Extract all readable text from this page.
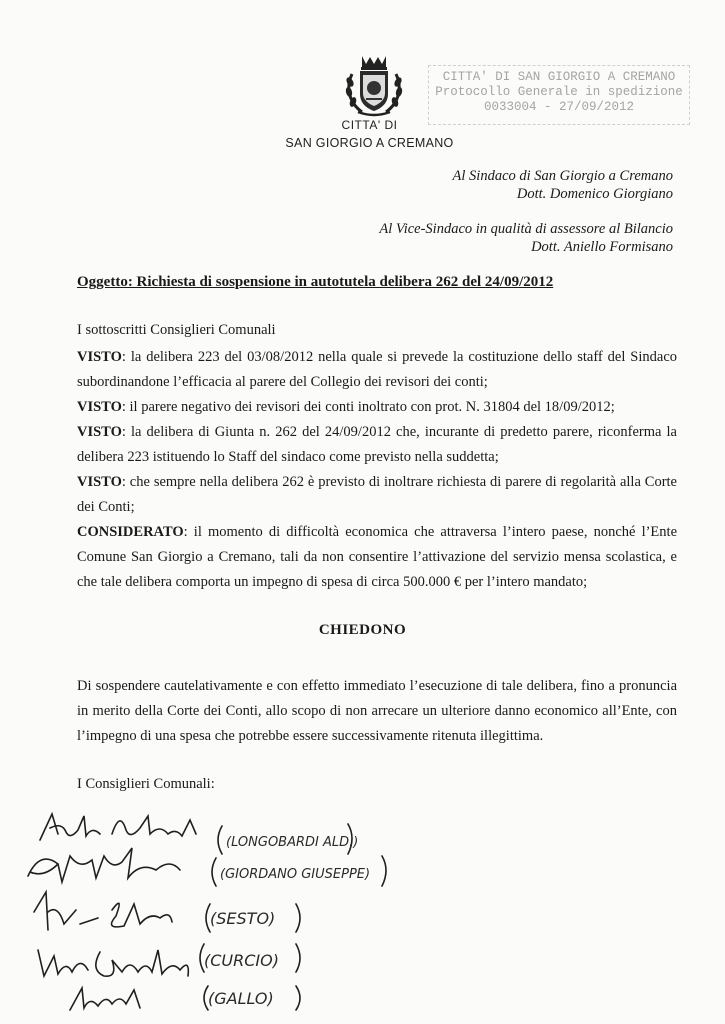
CITTA' DI
SAN GIORGIO A CREMANO
CITTA' DI SAN GIORGIO A CREMANO
Protocollo Generale in spedizione
0033004 - 27/09/2012
Al Sindaco di San Giorgio a Cremano
Dott. Domenico Giorgiano
Al Vice-Sindaco in qualità di assessore al Bilancio
Dott. Aniello Formisano
Oggetto: Richiesta di sospensione in autotutela delibera 262 del 24/09/2012

I sottoscritti Consiglieri Comunali

VISTO: la delibera 223 del 03/08/2012 nella quale si prevede la costituzione dello staff del Sindaco subordinandone l’efficacia al parere del Collegio dei revisori dei conti;

VISTO: il parere negativo dei revisori dei conti inoltrato con prot. N. 31804 del 18/09/2012;

VISTO: la delibera di Giunta n. 262 del 24/09/2012 che, incurante di predetto parere, riconferma la delibera 223 istituendo lo Staff del sindaco come previsto nella suddetta;

VISTO: che sempre nella delibera 262 è previsto di inoltrare richiesta di parere di regolarità alla Corte dei Conti;

CONSIDERATO: il momento di difficoltà economica che attraversa l’intero paese, nonché l’Ente Comune San Giorgio a Cremano, tali da non consentire l’attivazione del servizio mensa scolastica, e che tale delibera comporta un impegno di spesa di circa 500.000 € per l’intero mandato;

CHIEDONO
Di sospendere cautelativamente e con effetto immediato l’esecuzione di tale delibera, fino a pronuncia in merito della Corte dei Conti, allo scopo di non arrecare un ulteriore danno economico all’Ente, con l’impegno di una spesa che potrebbe essere successivamente ritenuta illegittima.
I Consiglieri Comunali:
(LONGOBARDI ALD.)
(GIORDANO GIUSEPPE)
(SESTO)
(CURCIO)
(GALLO)
